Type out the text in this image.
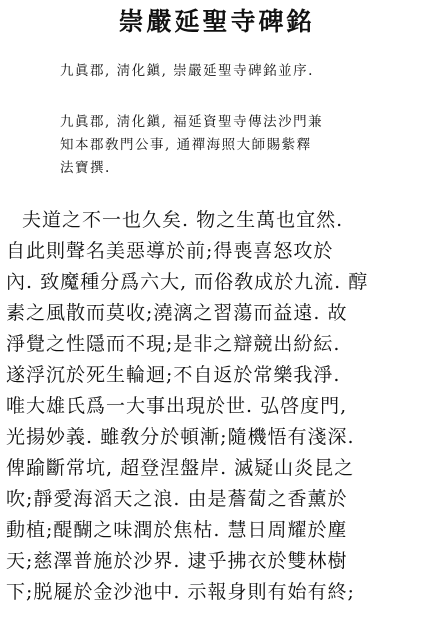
崇嚴延聖寺碑銘
九眞郡, 淸化鎭, 崇嚴延聖寺碑銘並序.
九眞郡, 淸化鎭, 福延資聖寺傳法沙門兼
知本郡敎門公事, 通禪海照大師賜紫釋
法寶撰.
夫道之不一也久矣. 物之生萬也宜然.
自此則聲名美惡導於前;得喪喜怒攻於
內. 致魔種分爲六大, 而俗敎成於九流. 醇
素之風散而莫收;澆漓之習蕩而益遠. 故
淨覺之性隱而不現;是非之辯競出紛紜.
遂浮沉於死生輪迴;不自返於常樂我淨.
唯大雄氏爲一大事出現於世. 弘啓度門,
光揚妙義. 雖敎分於頓漸;隨機悟有淺深.
俾踰斷常坑, 超登涅盤岸. 滅疑山炎昆之
吹;靜愛海滔天之浪. 由是薝蔔之香薰於
動植;醍醐之味潤於焦枯. 慧日周耀於塵
天;慈澤普施於沙界. 逮乎拂衣於雙林樹
下;脱屣於金沙池中. 示報身則有始有終;
